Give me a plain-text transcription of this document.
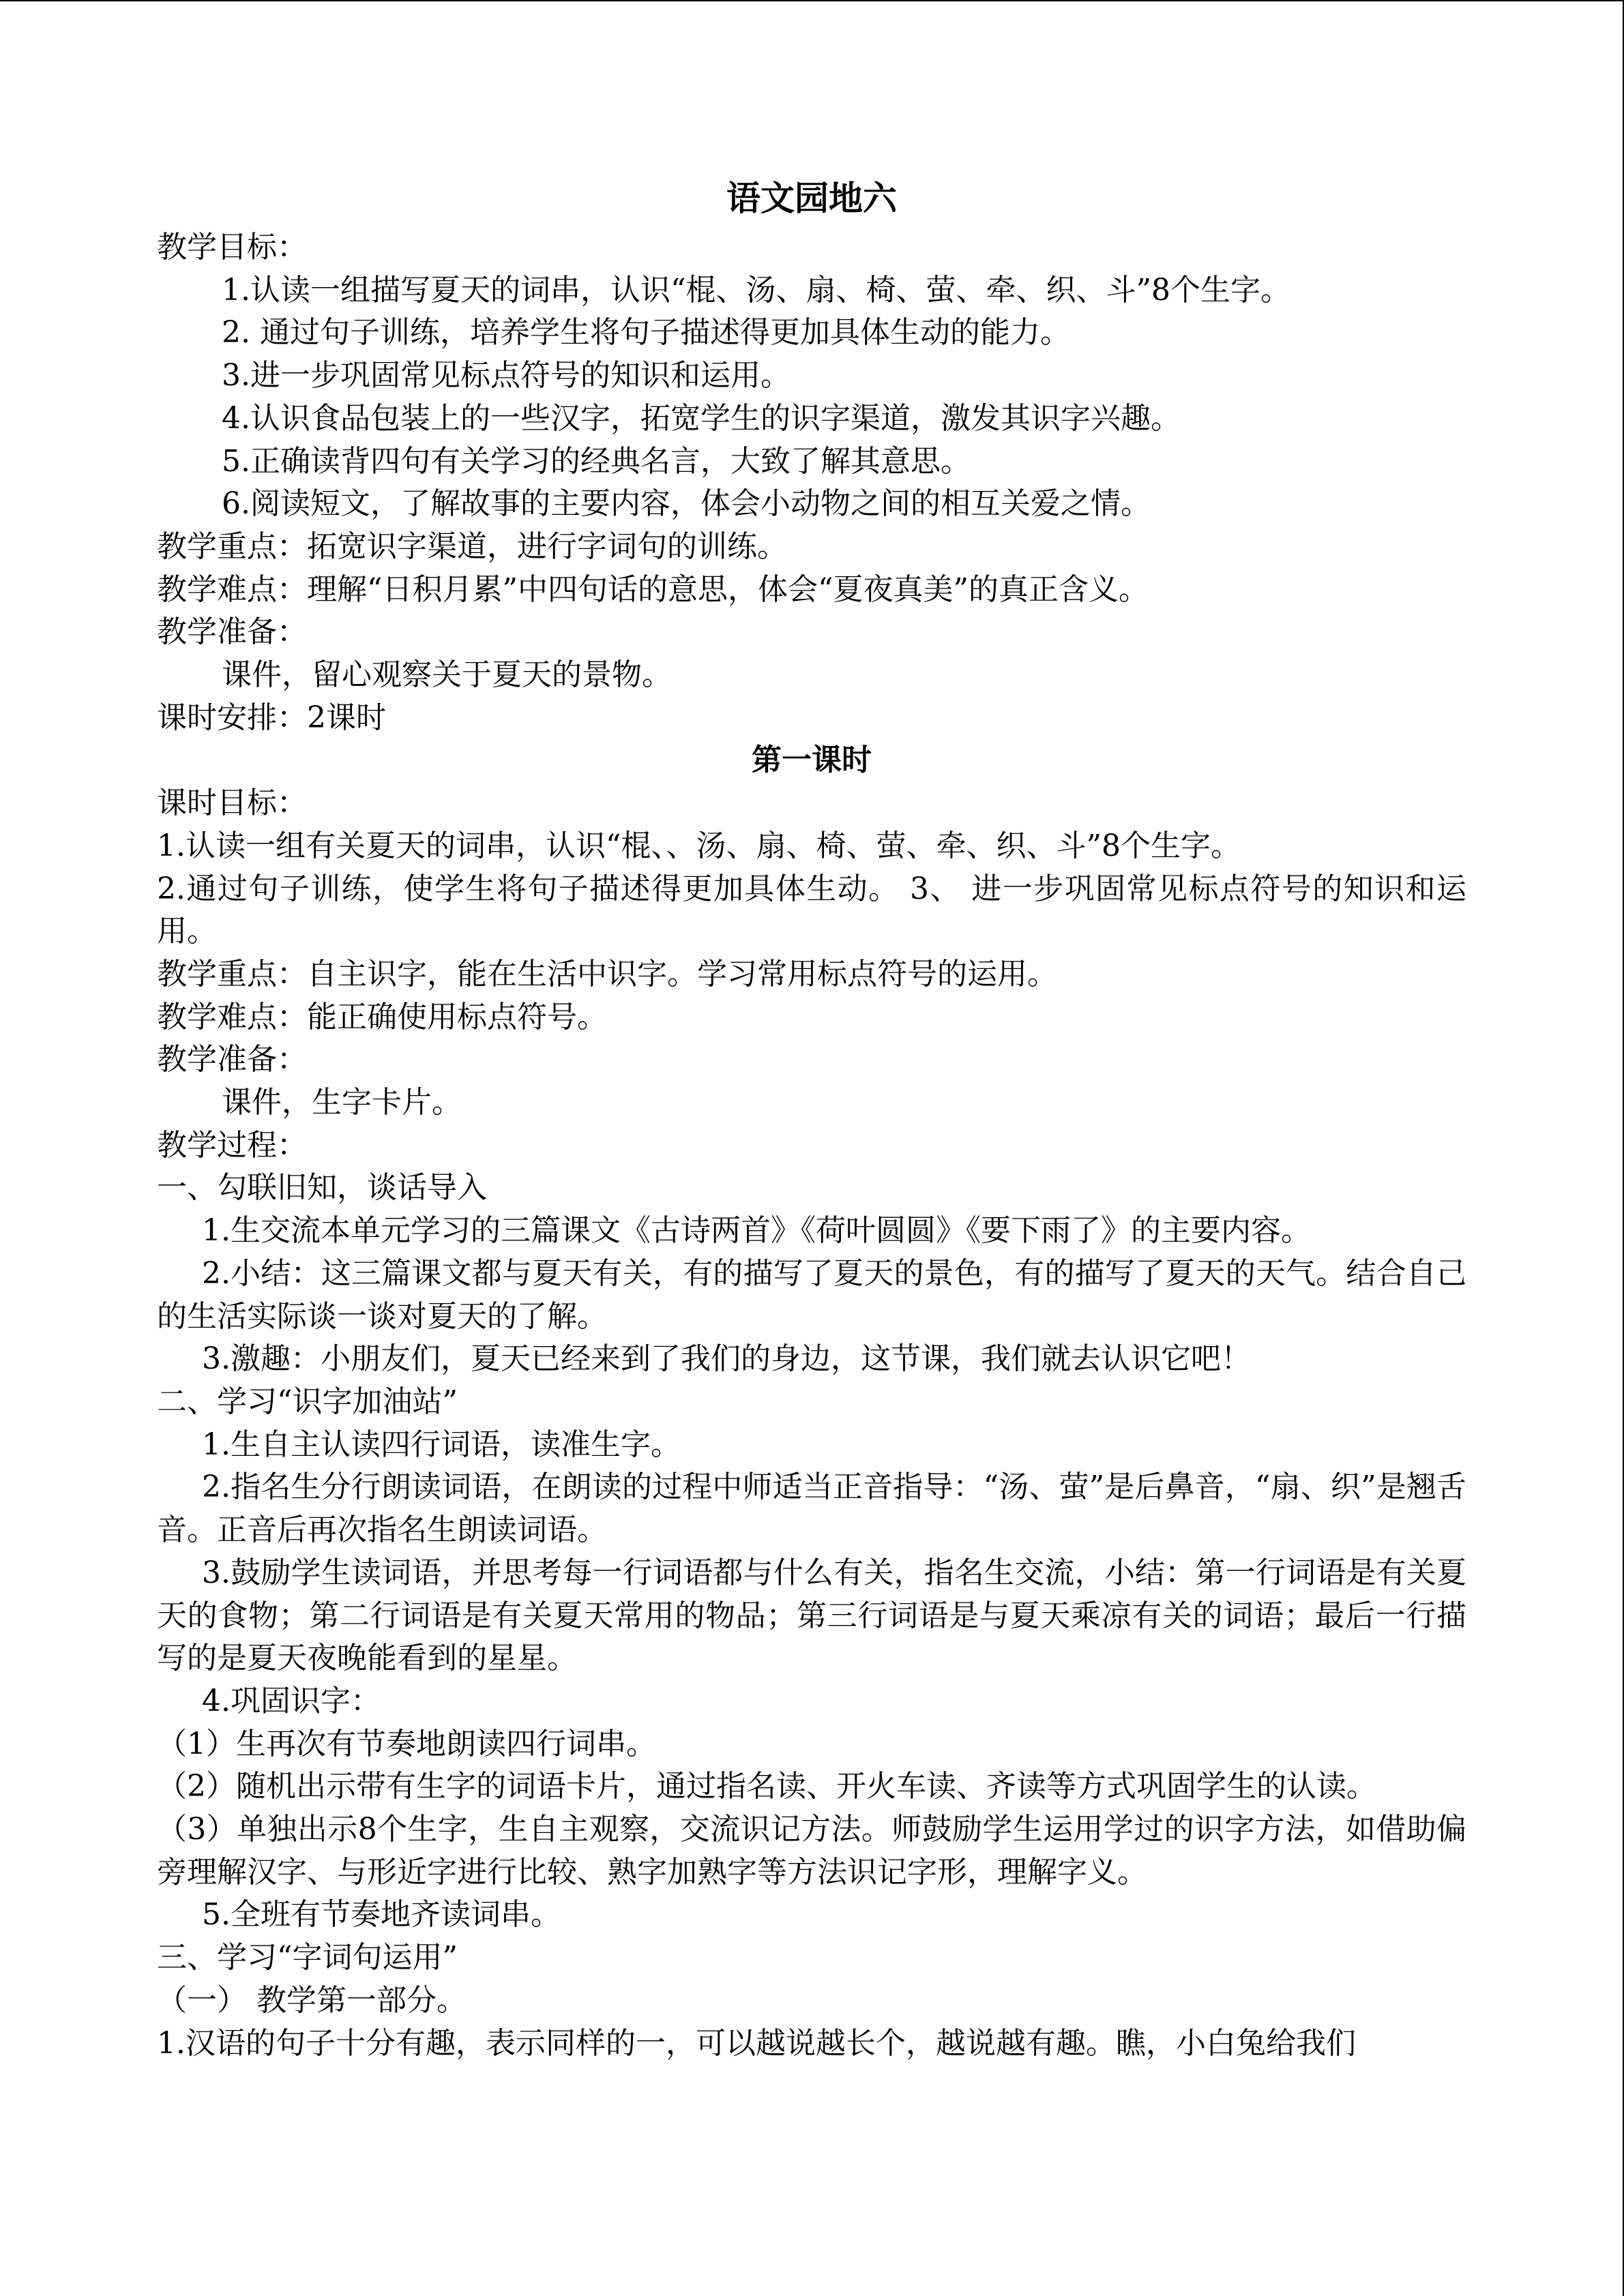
语文园地六

教学目标：

1.认读一组描写夏天的词串，认识“棍、汤、扇、椅、萤、牵、织、斗”8个生字。

2. 通过句子训练，培养学生将句子描述得更加具体生动的能力。

3.进一步巩固常见标点符号的知识和运用。

4.认识食品包装上的一些汉字，拓宽学生的识字渠道，激发其识字兴趣。

5.正确读背四句有关学习的经典名言，大致了解其意思。

6.阅读短文，了解故事的主要内容，体会小动物之间的相互关爱之情。

教学重点：拓宽识字渠道，进行字词句的训练。

教学难点：理解“日积月累”中四句话的意思，体会“夏夜真美”的真正含义。

教学准备：

课件，留心观察关于夏天的景物。

课时安排：2课时

第一课时

课时目标：

1.认读一组有关夏天的词串，认识“棍、、汤、扇、椅、萤、牵、织、斗”8个生字。

2.通过句子训练，使学生将句子描述得更加具体生动。 3、 进一步巩固常见标点符号的知识和运用。

教学重点：自主识字，能在生活中识字。学习常用标点符号的运用。

教学难点：能正确使用标点符号。

教学准备：

课件，生字卡片。

教学过程：

一、勾联旧知，谈话导入

1.生交流本单元学习的三篇课文《古诗两首》《荷叶圆圆》《要下雨了》的主要内容。

2.小结：这三篇课文都与夏天有关，有的描写了夏天的景色，有的描写了夏天的天气。结合自己的生活实际谈一谈对夏天的了解。

3.激趣：小朋友们，夏天已经来到了我们的身边，这节课，我们就去认识它吧！

二、学习“识字加油站”

1.生自主认读四行词语，读准生字。

2.指名生分行朗读词语，在朗读的过程中师适当正音指导：“汤、萤”是后鼻音，“扇、织”是翘舌音。正音后再次指名生朗读词语。

3.鼓励学生读词语，并思考每一行词语都与什么有关，指名生交流，小结：第一行词语是有关夏天的食物；第二行词语是有关夏天常用的物品；第三行词语是与夏天乘凉有关的词语；最后一行描写的是夏天夜晚能看到的星星。

4.巩固识字：

（1）生再次有节奏地朗读四行词串。

（2）随机出示带有生字的词语卡片，通过指名读、开火车读、齐读等方式巩固学生的认读。

（3）单独出示8个生字，生自主观察，交流识记方法。师鼓励学生运用学过的识字方法，如借助偏旁理解汉字、与形近字进行比较、熟字加熟字等方法识记字形，理解字义。

5.全班有节奏地齐读词串。

三、学习“字词句运用”

（一） 教学第一部分。

1.汉语的句子十分有趣，表示同样的一，可以越说越长个，越说越有趣。瞧，小白兔给我们
